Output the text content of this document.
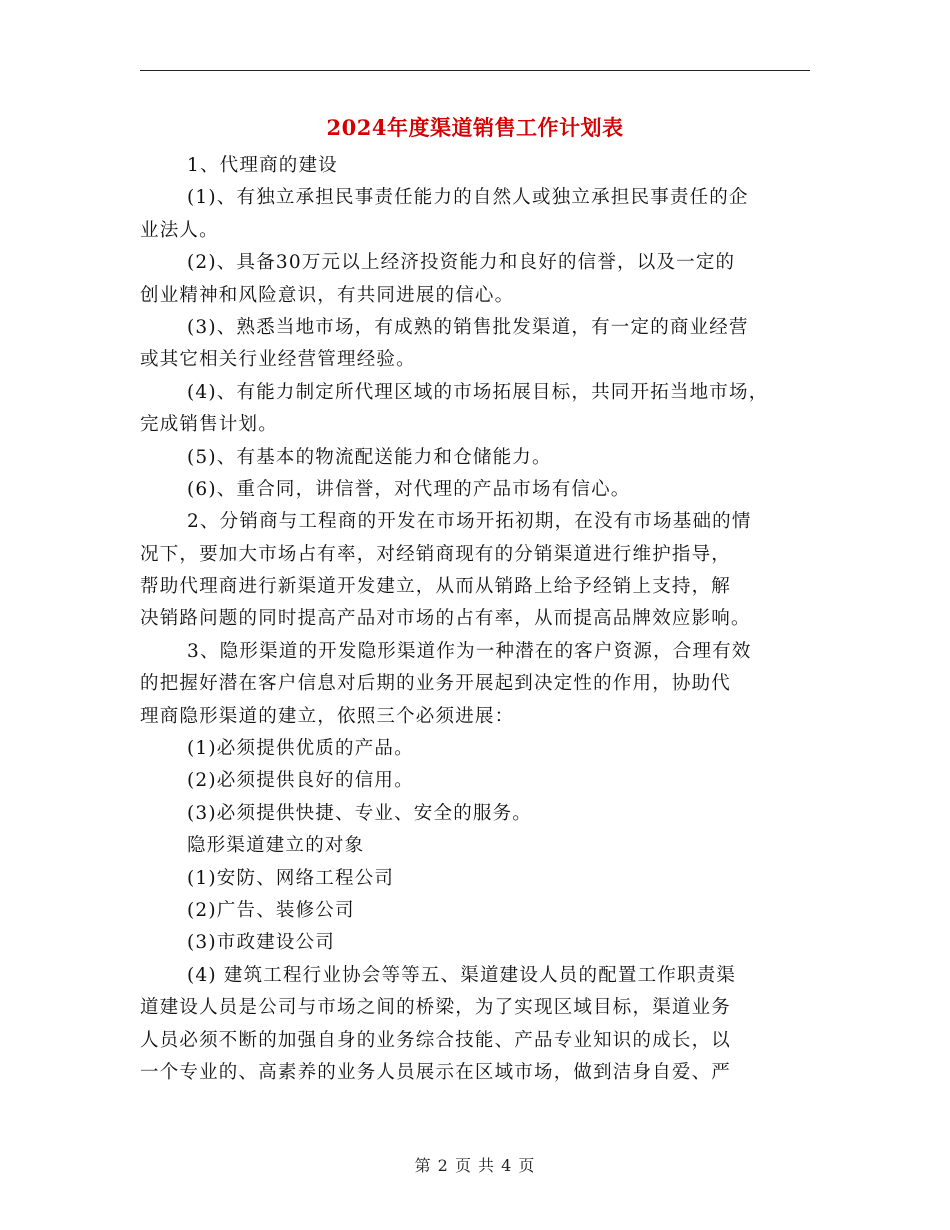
2024年度渠道销售工作计划表
1、代理商的建设
(1)、有独立承担民事责任能力的自然人或独立承担民事责任的企
业法人。
(2)、具备30万元以上经济投资能力和良好的信誉，以及一定的
创业精神和风险意识，有共同进展的信心。
(3)、熟悉当地市场，有成熟的销售批发渠道，有一定的商业经营
或其它相关行业经营管理经验。
(4)、有能力制定所代理区域的市场拓展目标，共同开拓当地市场，
完成销售计划。
(5)、有基本的物流配送能力和仓储能力。
(6)、重合同，讲信誉，对代理的产品市场有信心。
2、分销商与工程商的开发在市场开拓初期，在没有市场基础的情
况下，要加大市场占有率，对经销商现有的分销渠道进行维护指导，
帮助代理商进行新渠道开发建立，从而从销路上给予经销上支持，解
决销路问题的同时提高产品对市场的占有率，从而提高品牌效应影响。
3、隐形渠道的开发隐形渠道作为一种潜在的客户资源，合理有效
的把握好潜在客户信息对后期的业务开展起到决定性的作用，协助代
理商隐形渠道的建立，依照三个必须进展：
(1)必须提供优质的产品。
(2)必须提供良好的信用。
(3)必须提供快捷、专业、安全的服务。
隐形渠道建立的对象
(1)安防、网络工程公司
(2)广告、装修公司
(3)市政建设公司
(4) 建筑工程行业协会等等五、渠道建设人员的配置工作职责渠
道建设人员是公司与市场之间的桥梁，为了实现区域目标，渠道业务
人员必须不断的加强自身的业务综合技能、产品专业知识的成长，以
一个专业的、高素养的业务人员展示在区域市场，做到洁身自爱、严
第 2 页 共 4 页
